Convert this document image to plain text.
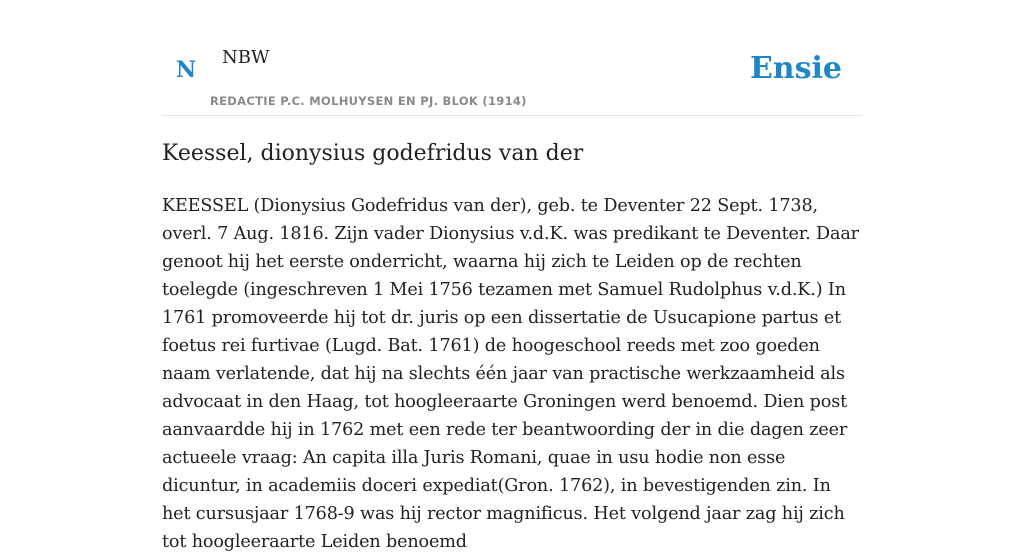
N NBW
REDACTIE P.C. MOLHUYSEN EN PJ. BLOK (1914)
Ensie
Keessel, dionysius godefridus van der

KEESSEL (Dionysius Godefridus van der), geb. te Deventer 22 Sept. 1738, overl. 7 Aug. 1816. Zijn vader Dionysius v.d.K. was predikant te Deventer. Daar genoot hij het eerste onderricht, waarna hij zich te Leiden op de rechten toelegde (ingeschreven 1 Mei 1756 tezamen met Samuel Rudolphus v.d.K.) In 1761 promoveerde hij tot dr. juris op een dissertatie de Usucapione partus et foetus rei furtivae (Lugd. Bat. 1761) de hoogeschool reeds met zoo goeden naam verlatende, dat hij na slechts één jaar van practische werkzaamheid als advocaat in den Haag, tot hoogleeraarte Groningen werd benoemd. Dien post aanvaardde hij in 1762 met een rede ter beantwoording der in die dagen zeer actueele vraag: An capita illa Juris Romani, quae in usu hodie non esse dicuntur, in academiis doceri expediat(Gron. 1762), in bevestigenden zin. In het cursusjaar 1768-9 was hij rector magnificus. Het volgend jaar zag hij zich tot hoogleeraarte Leiden benoemd
